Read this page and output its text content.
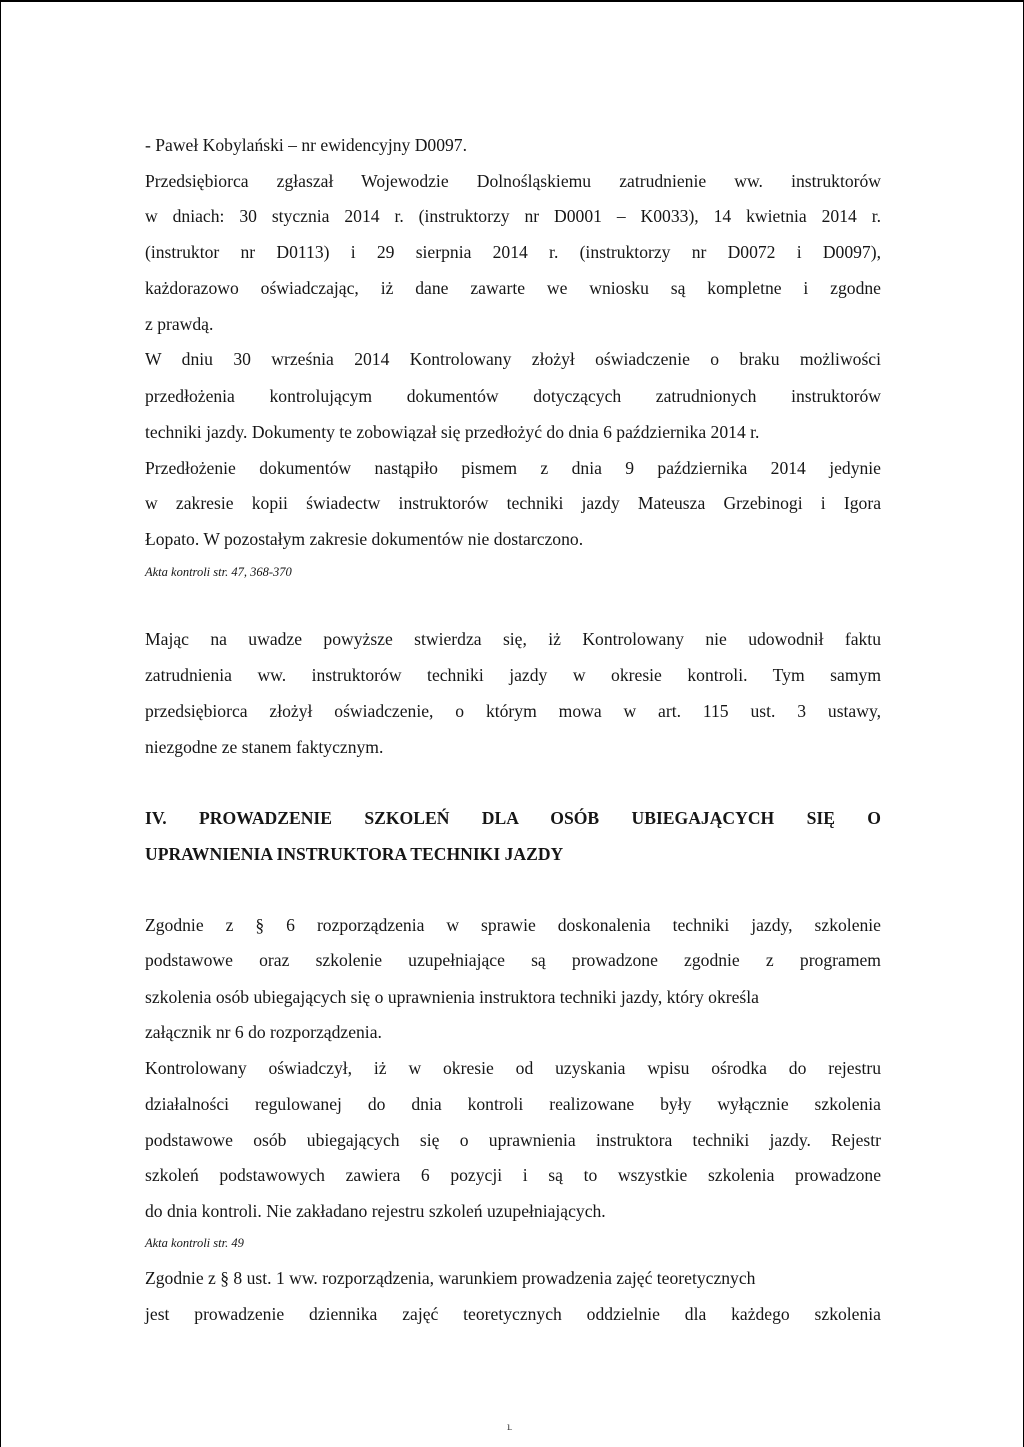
- Paweł Kobylański – nr ewidencyjny D0097.

Przedsiębiorca zgłaszał Wojewodzie Dolnośląskiemu zatrudnienie ww. instruktorów

w dniach: 30 stycznia 2014 r. (instruktorzy nr D0001 – K0033), 14 kwietnia 2014 r.

(instruktor nr D0113) i 29 sierpnia 2014 r. (instruktorzy nr D0072 i D0097),

każdorazowo oświadczając, iż dane zawarte we wniosku są kompletne i zgodne

z prawdą.

W dniu 30 września 2014 Kontrolowany złożył oświadczenie o braku możliwości

przedłożenia kontrolującym dokumentów dotyczących zatrudnionych instruktorów

techniki jazdy. Dokumenty te zobowiązał się przedłożyć do dnia 6 października 2014 r.

Przedłożenie dokumentów nastąpiło pismem z dnia 9 października 2014 jedynie

w zakresie kopii świadectw instruktorów techniki jazdy Mateusza Grzebinogi i Igora

Łopato. W pozostałym zakresie dokumentów nie dostarczono.

Akta kontroli str. 47, 368-370

Mając na uwadze powyższe stwierdza się, iż Kontrolowany nie udowodnił faktu

zatrudnienia ww. instruktorów techniki jazdy w okresie kontroli. Tym samym

przedsiębiorca złożył oświadczenie, o którym mowa w art. 115 ust. 3 ustawy,

niezgodne ze stanem faktycznym.

IV. PROWADZENIE SZKOLEŃ DLA OSÓB UBIEGAJĄCYCH SIĘ O

UPRAWNIENIA INSTRUKTORA TECHNIKI JAZDY

Zgodnie z § 6 rozporządzenia w sprawie doskonalenia techniki jazdy, szkolenie

podstawowe oraz szkolenie uzupełniające są prowadzone zgodnie z programem

szkolenia osób ubiegających się o uprawnienia instruktora techniki jazdy, który określa

załącznik nr 6 do rozporządzenia.

Kontrolowany oświadczył, iż w okresie od uzyskania wpisu ośrodka do rejestru

działalności regulowanej do dnia kontroli realizowane były wyłącznie szkolenia

podstawowe osób ubiegających się o uprawnienia instruktora techniki jazdy. Rejestr

szkoleń podstawowych zawiera 6 pozycji i są to wszystkie szkolenia prowadzone

do dnia kontroli. Nie zakładano rejestru szkoleń uzupełniających.

Akta kontroli str. 49

Zgodnie z § 8 ust. 1 ww. rozporządzenia, warunkiem prowadzenia zajęć teoretycznych

jest prowadzenie dziennika zajęć teoretycznych oddzielnie dla każdego szkolenia

ւ
